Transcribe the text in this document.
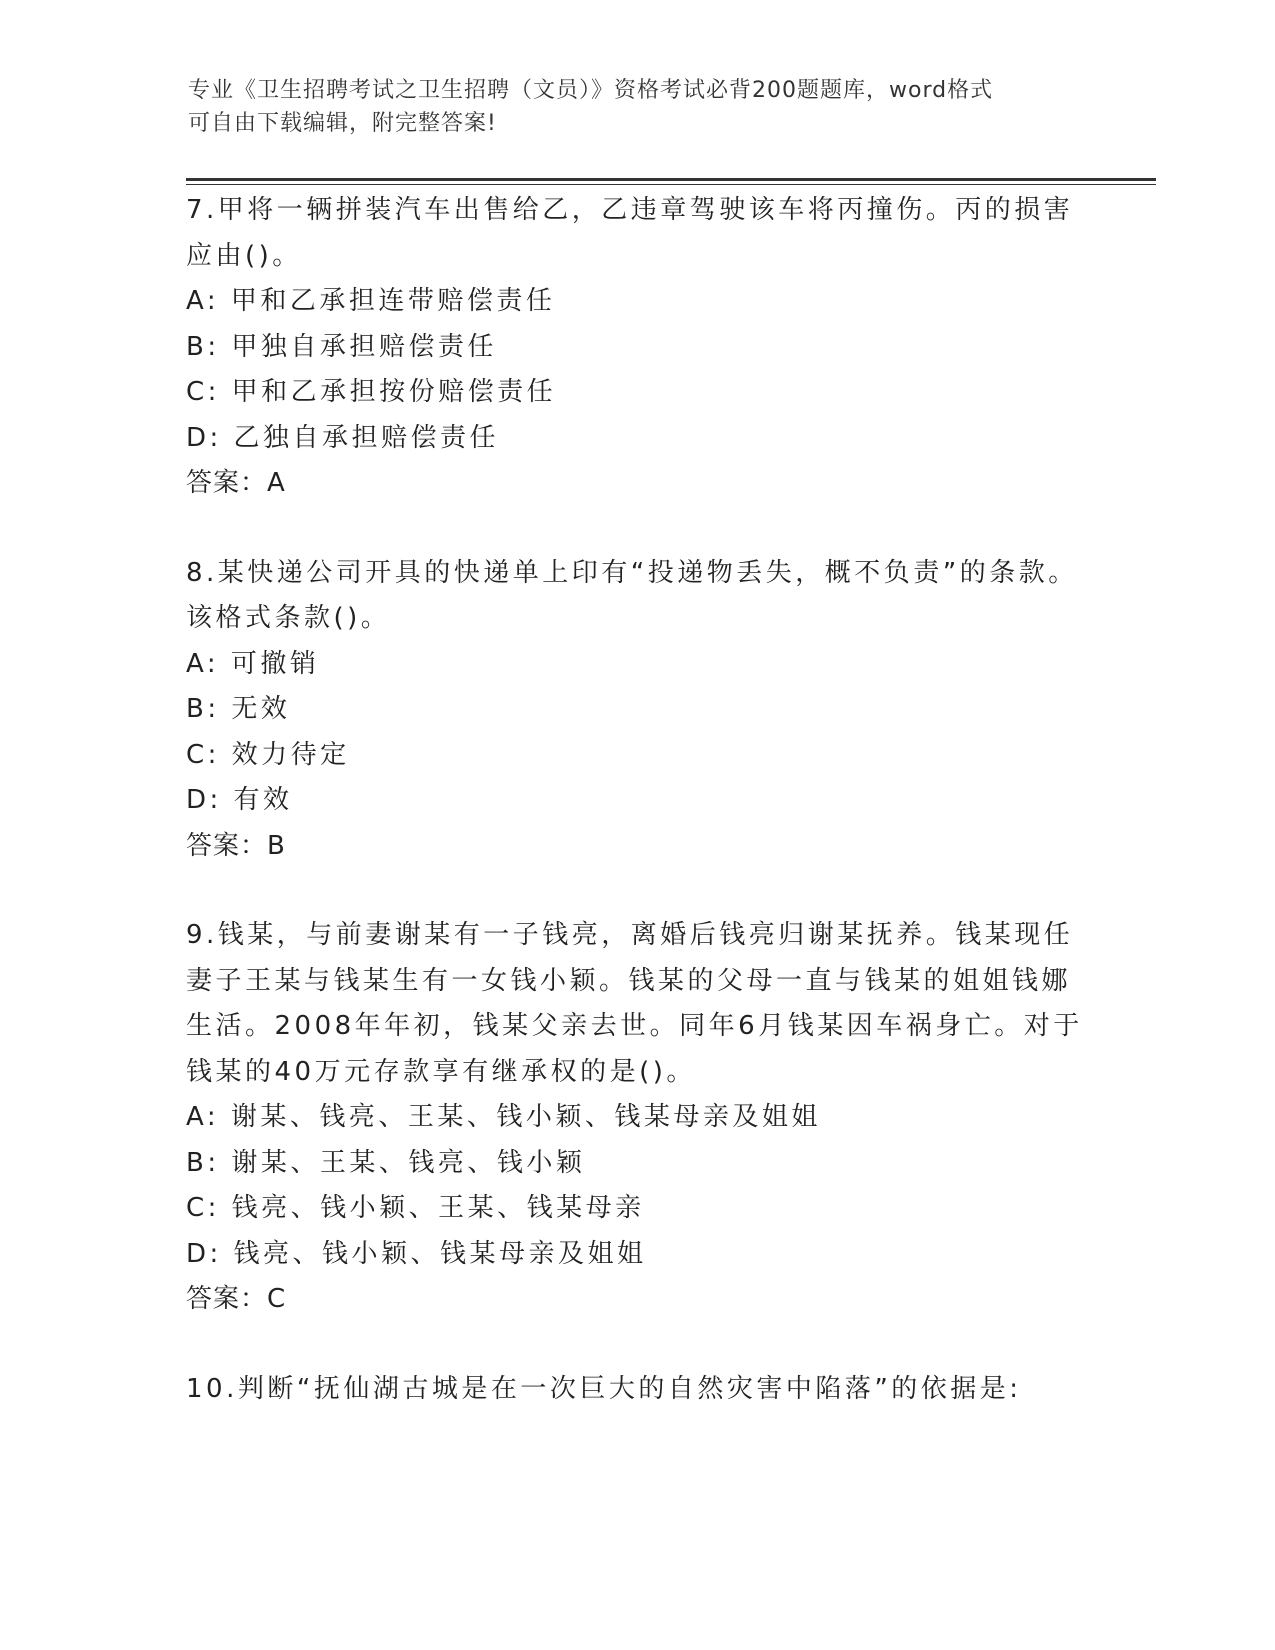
专业《卫生招聘考试之卫生招聘（文员）》资格考试必背200题题库，word格式
可自由下载编辑，附完整答案!
7.甲将一辆拼装汽车出售给乙，乙违章驾驶该车将丙撞伤。丙的损害应由()。
A: 甲和乙承担连带赔偿责任
B: 甲独自承担赔偿责任
C: 甲和乙承担按份赔偿责任
D: 乙独自承担赔偿责任
答案：A
8.某快递公司开具的快递单上印有“投递物丢失，概不负责”的条款。该格式条款()。
A: 可撤销
B: 无效
C: 效力待定
D: 有效
答案：B
9.钱某，与前妻谢某有一子钱亮，离婚后钱亮归谢某抚养。钱某现任妻子王某与钱某生有一女钱小颖。钱某的父母一直与钱某的姐姐钱娜生活。2008年年初，钱某父亲去世。同年6月钱某因车祸身亡。对于钱某的40万元存款享有继承权的是()。
A: 谢某、钱亮、王某、钱小颖、钱某母亲及姐姐
B: 谢某、王某、钱亮、钱小颖
C: 钱亮、钱小颖、王某、钱某母亲
D: 钱亮、钱小颖、钱某母亲及姐姐
答案：C
10.判断“抚仙湖古城是在一次巨大的自然灾害中陷落”的依据是:
